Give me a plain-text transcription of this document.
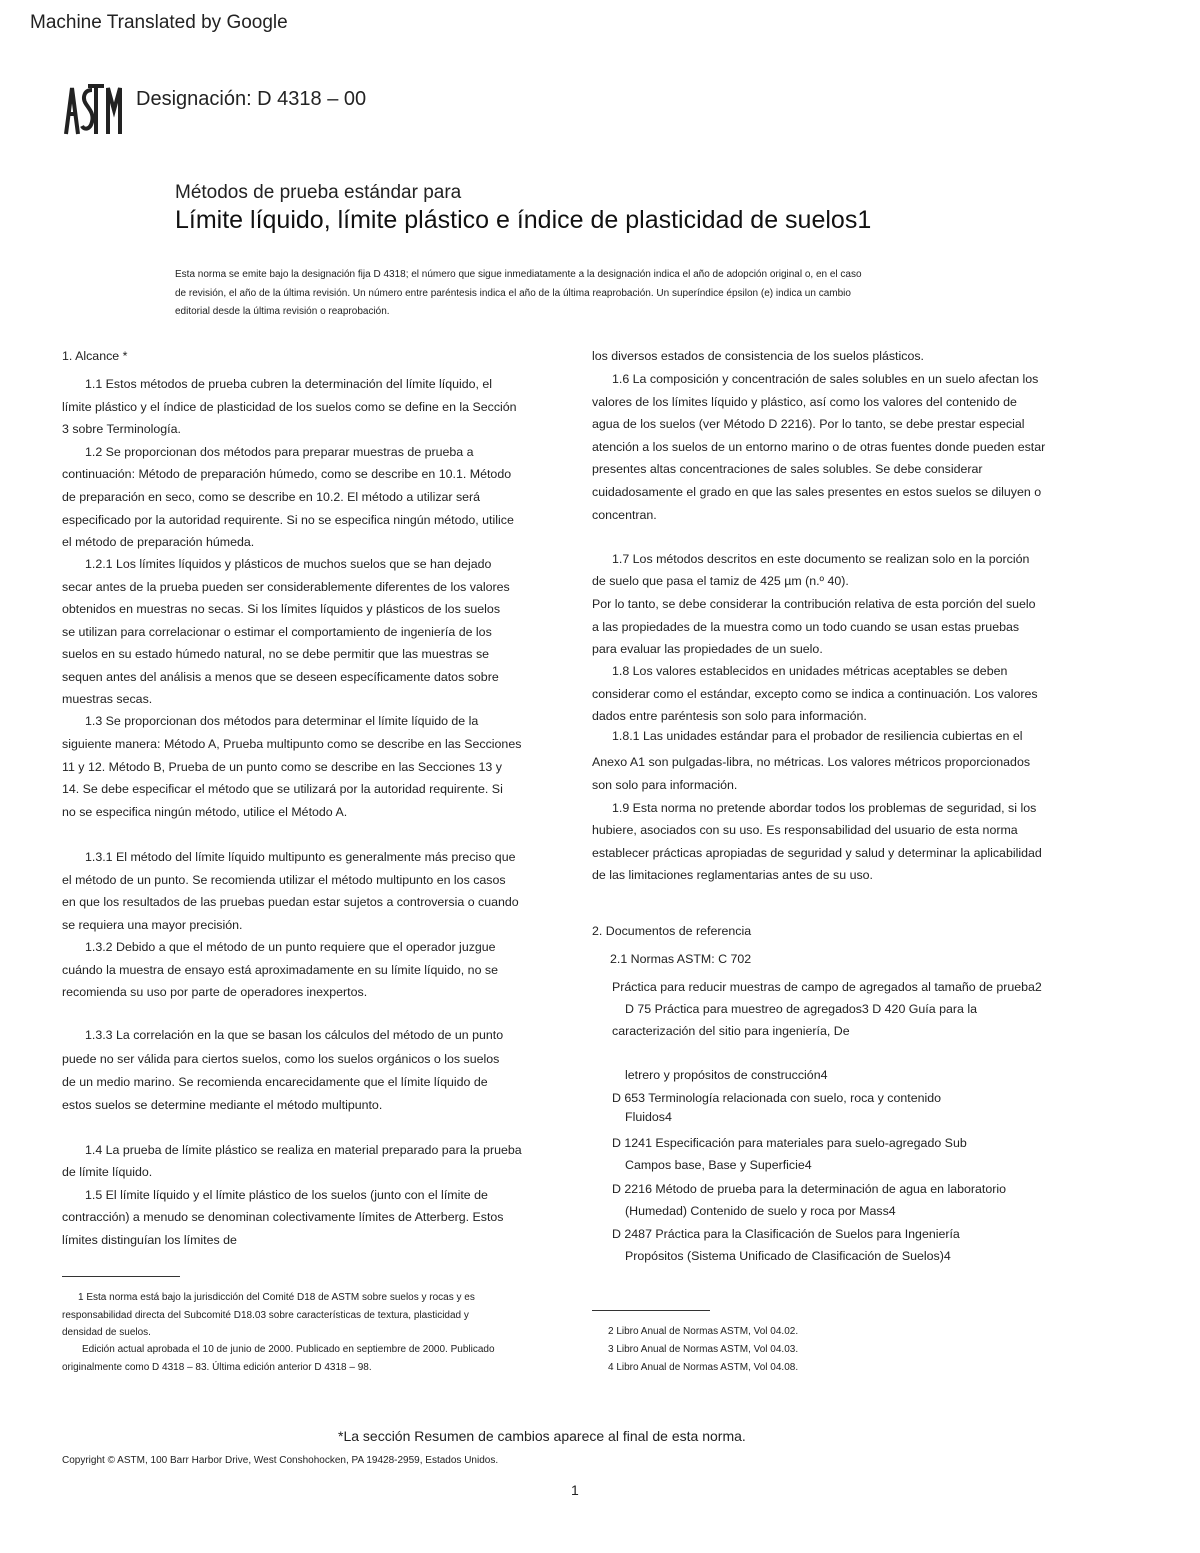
Machine Translated by Google
Designación: D 4318 – 00
Métodos de prueba estándar para
Límite líquido, límite plástico e índice de plasticidad de suelos1
Esta norma se emite bajo la designación fija D 4318; el número que sigue inmediatamente a la designación indica el año de adopción original o, en el caso
de revisión, el año de la última revisión. Un número entre paréntesis indica el año de la última reaprobación. Un superíndice épsilon (e) indica un cambio
editorial desde la última revisión o reaprobación.
1. Alcance *
1.1 Estos métodos de prueba cubren la determinación del límite líquido, el
límite plástico y el índice de plasticidad de los suelos como se define en la Sección
3 sobre Terminología.
1.2 Se proporcionan dos métodos para preparar muestras de prueba a
continuación: Método de preparación húmedo, como se describe en 10.1. Método
de preparación en seco, como se describe en 10.2. El método a utilizar será
especificado por la autoridad requirente. Si no se especifica ningún método, utilice
el método de preparación húmeda.
1.2.1 Los límites líquidos y plásticos de muchos suelos que se han dejado
secar antes de la prueba pueden ser considerablemente diferentes de los valores
obtenidos en muestras no secas. Si los límites líquidos y plásticos de los suelos
se utilizan para correlacionar o estimar el comportamiento de ingeniería de los
suelos en su estado húmedo natural, no se debe permitir que las muestras se
sequen antes del análisis a menos que se deseen específicamente datos sobre
muestras secas.
1.3 Se proporcionan dos métodos para determinar el límite líquido de la
siguiente manera: Método A, Prueba multipunto como se describe en las Secciones
11 y 12. Método B, Prueba de un punto como se describe en las Secciones 13 y
14. Se debe especificar el método que se utilizará por la autoridad requirente. Si
no se especifica ningún método, utilice el Método A.
1.3.1 El método del límite líquido multipunto es generalmente más preciso que
el método de un punto. Se recomienda utilizar el método multipunto en los casos
en que los resultados de las pruebas puedan estar sujetos a controversia o cuando
se requiera una mayor precisión.
1.3.2 Debido a que el método de un punto requiere que el operador juzgue
cuándo la muestra de ensayo está aproximadamente en su límite líquido, no se
recomienda su uso por parte de operadores inexpertos.
1.3.3 La correlación en la que se basan los cálculos del método de un punto
puede no ser válida para ciertos suelos, como los suelos orgánicos o los suelos
de un medio marino. Se recomienda encarecidamente que el límite líquido de
estos suelos se determine mediante el método multipunto.
1.4 La prueba de límite plástico se realiza en material preparado para la prueba
de límite líquido.
1.5 El límite líquido y el límite plástico de los suelos (junto con el límite de
contracción) a menudo se denominan colectivamente límites de Atterberg. Estos
límites distinguían los límites de
1 Esta norma está bajo la jurisdicción del Comité D18 de ASTM sobre suelos y rocas y es
responsabilidad directa del Subcomité D18.03 sobre características de textura, plasticidad y
densidad de suelos.
Edición actual aprobada el 10 de junio de 2000. Publicado en septiembre de 2000. Publicado
originalmente como D 4318 – 83. Última edición anterior D 4318 – 98.
los diversos estados de consistencia de los suelos plásticos.
1.6 La composición y concentración de sales solubles en un suelo afectan los
valores de los límites líquido y plástico, así como los valores del contenido de
agua de los suelos (ver Método D 2216). Por lo tanto, se debe prestar especial
atención a los suelos de un entorno marino o de otras fuentes donde pueden estar
presentes altas concentraciones de sales solubles. Se debe considerar
cuidadosamente el grado en que las sales presentes en estos suelos se diluyen o
concentran.
1.7 Los métodos descritos en este documento se realizan solo en la porción
de suelo que pasa el tamiz de 425 µm (n.º 40).
Por lo tanto, se debe considerar la contribución relativa de esta porción del suelo
a las propiedades de la muestra como un todo cuando se usan estas pruebas
para evaluar las propiedades de un suelo.
1.8 Los valores establecidos en unidades métricas aceptables se deben
considerar como el estándar, excepto como se indica a continuación. Los valores
dados entre paréntesis son solo para información.
1.8.1 Las unidades estándar para el probador de resiliencia cubiertas en el
Anexo A1 son pulgadas-libra, no métricas. Los valores métricos proporcionados
son solo para información.
1.9 Esta norma no pretende abordar todos los problemas de seguridad, si los
hubiere, asociados con su uso. Es responsabilidad del usuario de esta norma
establecer prácticas apropiadas de seguridad y salud y determinar la aplicabilidad
de las limitaciones reglamentarias antes de su uso.
2. Documentos de referencia
2.1 Normas ASTM: C 702
Práctica para reducir muestras de campo de agregados al tamaño de prueba2
D 75 Práctica para muestreo de agregados3 D 420 Guía para la
caracterización del sitio para ingeniería, De
letrero y propósitos de construcción4
D 653 Terminología relacionada con suelo, roca y contenido
Fluidos4
D 1241 Especificación para materiales para suelo-agregado Sub
Campos base, Base y Superficie4
D 2216 Método de prueba para la determinación de agua en laboratorio
(Humedad) Contenido de suelo y roca por Mass4
D 2487 Práctica para la Clasificación de Suelos para Ingeniería
Propósitos (Sistema Unificado de Clasificación de Suelos)4
2 Libro Anual de Normas ASTM, Vol 04.02.
3 Libro Anual de Normas ASTM, Vol 04.03.
4 Libro Anual de Normas ASTM, Vol 04.08.
*La sección Resumen de cambios aparece al final de esta norma.
Copyright © ASTM, 100 Barr Harbor Drive, West Conshohocken, PA 19428-2959, Estados Unidos.
1
